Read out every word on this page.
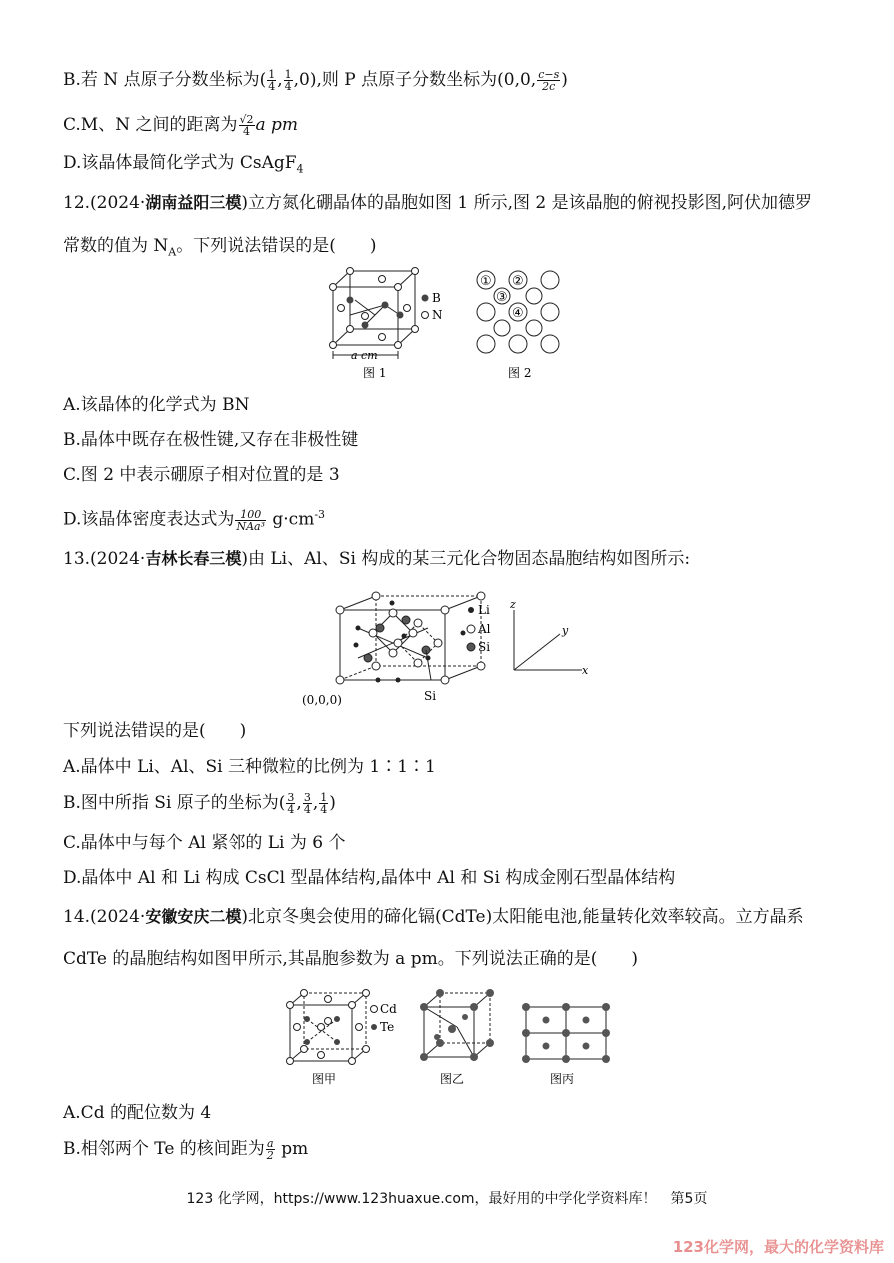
B.若 N 点原子分数坐标为( $\frac{1}{4}$ , $\frac{1}{4} ,0$),则 P 点原子分数坐标为(0,0, $\frac{c-s}{2c}$ )
C.M、N 之间的距离为 $\frac{√2}{4}$ a pm
D.该晶体最简化学式为 CsAgF$_4$
12.(2024·湖南益阳三模)立方氮化硼晶体的晶胞如图 1 所示,图 2 是该晶胞的俯视投影图,阿伏加德罗
常数的值为 $N_A$。下列说法错误的是(　　)
B
N
a cm
图 1
① ②
③
④
图 2
A.该晶体的化学式为 BN
B.晶体中既存在极性键,又存在非极性键
C.图 2 中表示硼原子相对位置的是 3
D.该晶体密度表达式为 $\frac{100}{\text{NAa³}} g\cdot cm^{-3}$
13.(2024·吉林长春三模)由 Li、Al、Si 构成的某三元化合物固态晶胞结构如图所示:
Li
Al
Si
(0,0,0)	Si
z
y
x
下列说法错误的是(　　)
A.晶体中 Li、Al、Si 三种微粒的比例为 1∶1∶1
B.图中所指 Si 原子的坐标为( $\frac{3}{4}$ , $\frac{3}{4}$ , $\frac{1}{4}$ )
C.晶体中与每个 Al 紧邻的 Li 为 6 个
D.晶体中 Al 和 Li 构成 CsCl 型晶体结构,晶体中 Al 和 Si 构成金刚石型晶体结构
14.(2024·安徽安庆二模)北京冬奥会使用的碲化镉(CdTe)太阳能电池,能量转化效率较高。立方晶系
CdTe 的晶胞结构如图甲所示,其晶胞参数为 a pm。下列说法正确的是(　　)
Cd
Te
图甲	图乙	图丙
A.Cd 的配位数为 4
B.相邻两个 Te 的核间距为 $\frac{a}{2}$ pm
123 化学网，https://www.123huaxue.com，最好用的中学化学资料库！　第5页
123化学网，最大的化学资料库
